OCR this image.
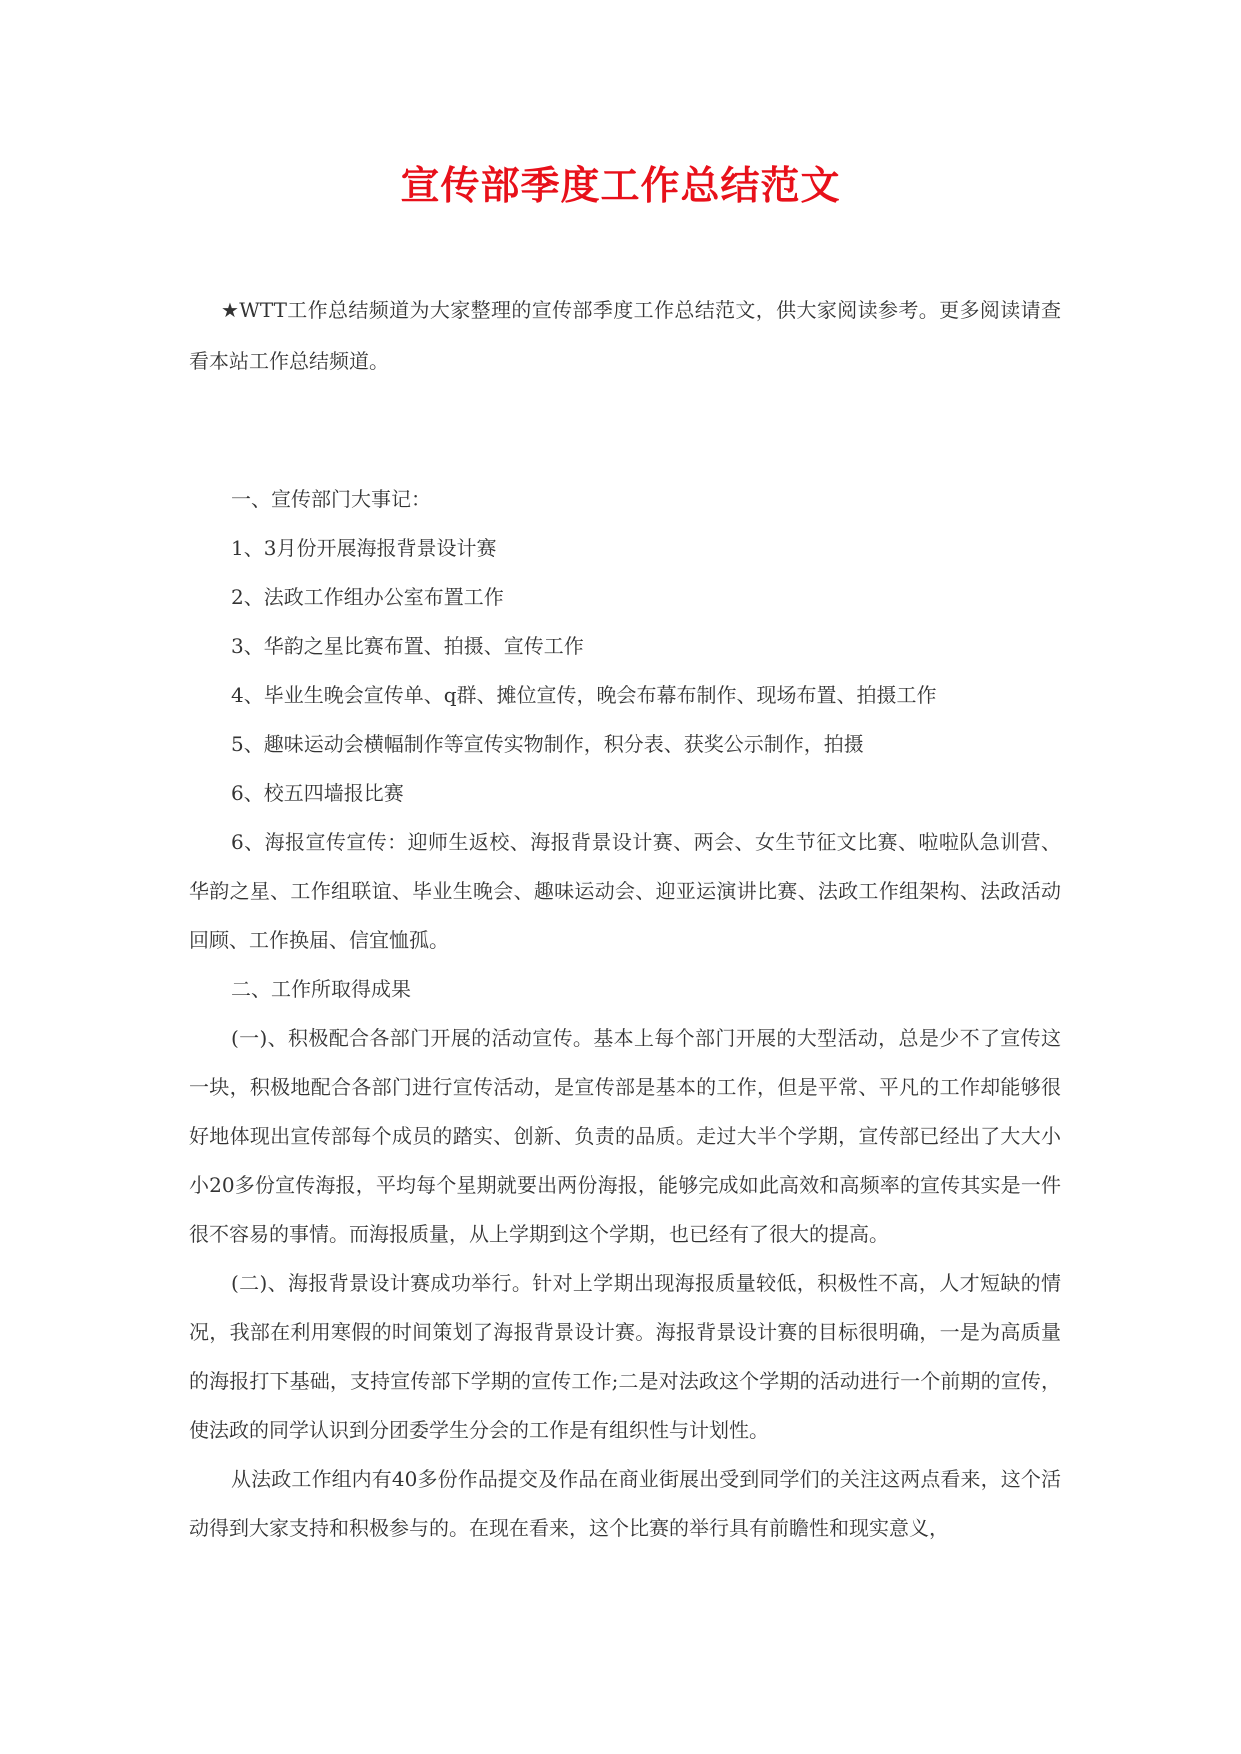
宣传部季度工作总结范文

★WTT工作总结频道为大家整理的宣传部季度工作总结范文，供大家阅读参考。更多阅读请查看本站工作总结频道。

一、宣传部门大事记：

1、3月份开展海报背景设计赛

2、法政工作组办公室布置工作

3、华韵之星比赛布置、拍摄、宣传工作

4、毕业生晚会宣传单、q群、摊位宣传，晚会布幕布制作、现场布置、拍摄工作

5、趣味运动会横幅制作等宣传实物制作，积分表、获奖公示制作，拍摄

6、校五四墙报比赛

6、海报宣传宣传：迎师生返校、海报背景设计赛、两会、女生节征文比赛、啦啦队急训营、华韵之星、工作组联谊、毕业生晚会、趣味运动会、迎亚运演讲比赛、法政工作组架构、法政活动回顾、工作换届、信宜恤孤。

二、工作所取得成果

(一)、积极配合各部门开展的活动宣传。基本上每个部门开展的大型活动，总是少不了宣传这一块，积极地配合各部门进行宣传活动，是宣传部是基本的工作，但是平常、平凡的工作却能够很好地体现出宣传部每个成员的踏实、创新、负责的品质。走过大半个学期，宣传部已经出了大大小小20多份宣传海报，平均每个星期就要出两份海报，能够完成如此高效和高频率的宣传其实是一件很不容易的事情。而海报质量，从上学期到这个学期，也已经有了很大的提高。

(二)、海报背景设计赛成功举行。针对上学期出现海报质量较低，积极性不高，人才短缺的情况，我部在利用寒假的时间策划了海报背景设计赛。海报背景设计赛的目标很明确，一是为高质量的海报打下基础，支持宣传部下学期的宣传工作;二是对法政这个学期的活动进行一个前期的宣传，使法政的同学认识到分团委学生分会的工作是有组织性与计划性。

从法政工作组内有40多份作品提交及作品在商业街展出受到同学们的关注这两点看来，这个活动得到大家支持和积极参与的。在现在看来，这个比赛的举行具有前瞻性和现实意义，
